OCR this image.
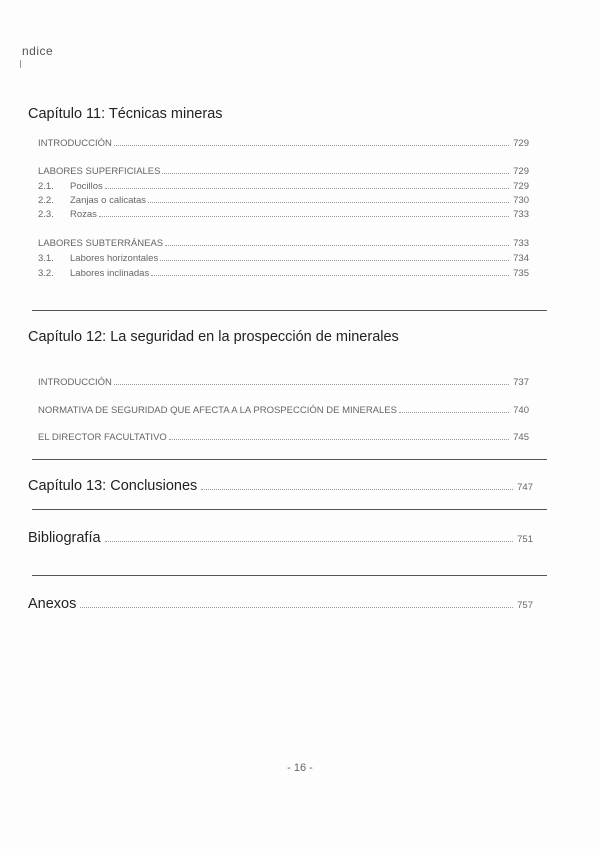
ndice
Capítulo 11: Técnicas mineras
INTRODUCCIÓN	729
LABORES SUPERFICIALES	729
2.1.	Pocillos	729
2.2.	Zanjas o calicatas	730
2.3.	Rozas	733
LABORES SUBTERRÁNEAS	733
3.1.	Labores horizontales	734
3.2.	Labores inclinadas	735
Capítulo 12: La seguridad en la prospección de minerales
INTRODUCCIÓN	737
NORMATIVA DE SEGURIDAD QUE AFECTA A LA PROSPECCIÓN DE MINERALES	740
EL DIRECTOR FACULTATIVO	745
Capítulo 13: Conclusiones	747
Bibliografía	751
Anexos	757
- 16 -
